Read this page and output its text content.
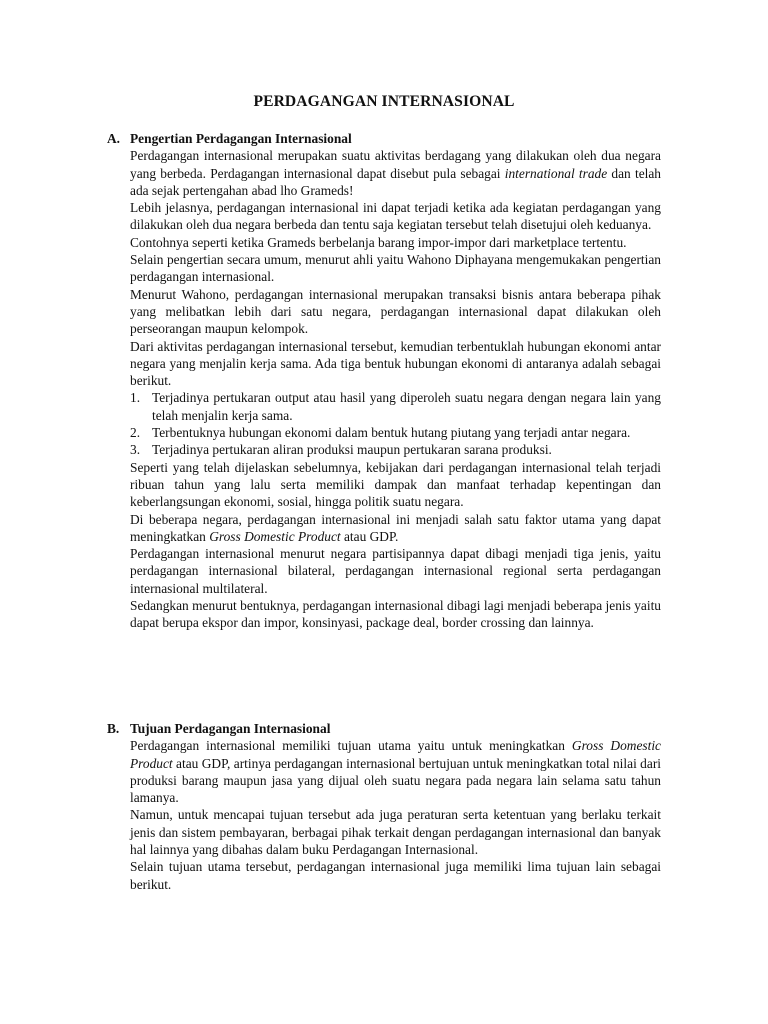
PERDAGANGAN INTERNASIONAL
A. Pengertian Perdagangan Internasional

Perdagangan internasional merupakan suatu aktivitas berdagang yang dilakukan oleh dua negara yang berbeda. Perdagangan internasional dapat disebut pula sebagai international trade dan telah ada sejak pertengahan abad lho Grameds!

Lebih jelasnya, perdagangan internasional ini dapat terjadi ketika ada kegiatan perdagangan yang dilakukan oleh dua negara berbeda dan tentu saja kegiatan tersebut telah disetujui oleh keduanya.

Contohnya seperti ketika Grameds berbelanja barang impor-impor dari marketplace tertentu.

Selain pengertian secara umum, menurut ahli yaitu Wahono Diphayana mengemukakan pengertian perdagangan internasional.

Menurut Wahono, perdagangan internasional merupakan transaksi bisnis antara beberapa pihak yang melibatkan lebih dari satu negara, perdagangan internasional dapat dilakukan oleh perseorangan maupun kelompok.

Dari aktivitas perdagangan internasional tersebut, kemudian terbentuklah hubungan ekonomi antar negara yang menjalin kerja sama. Ada tiga bentuk hubungan ekonomi di antaranya adalah sebagai berikut.

1. Terjadinya pertukaran output atau hasil yang diperoleh suatu negara dengan negara lain yang telah menjalin kerja sama.
2. Terbentuknya hubungan ekonomi dalam bentuk hutang piutang yang terjadi antar negara.
3. Terjadinya pertukaran aliran produksi maupun pertukaran sarana produksi.

Seperti yang telah dijelaskan sebelumnya, kebijakan dari perdagangan internasional telah terjadi ribuan tahun yang lalu serta memiliki dampak dan manfaat terhadap kepentingan dan keberlangsungan ekonomi, sosial, hingga politik suatu negara.

Di beberapa negara, perdagangan internasional ini menjadi salah satu faktor utama yang dapat meningkatkan Gross Domestic Product atau GDP.

Perdagangan internasional menurut negara partisipannya dapat dibagi menjadi tiga jenis, yaitu perdagangan internasional bilateral, perdagangan internasional regional serta perdagangan internasional multilateral.

Sedangkan menurut bentuknya, perdagangan internasional dibagi lagi menjadi beberapa jenis yaitu dapat berupa ekspor dan impor, konsinyasi, package deal, border crossing dan lainnya.

B. Tujuan Perdagangan Internasional

Perdagangan internasional memiliki tujuan utama yaitu untuk meningkatkan Gross Domestic Product atau GDP, artinya perdagangan internasional bertujuan untuk meningkatkan total nilai dari produksi barang maupun jasa yang dijual oleh suatu negara pada negara lain selama satu tahun lamanya.

Namun, untuk mencapai tujuan tersebut ada juga peraturan serta ketentuan yang berlaku terkait jenis dan sistem pembayaran, berbagai pihak terkait dengan perdagangan internasional dan banyak hal lainnya yang dibahas dalam buku Perdagangan Internasional.

Selain tujuan utama tersebut, perdagangan internasional juga memiliki lima tujuan lain sebagai berikut.
